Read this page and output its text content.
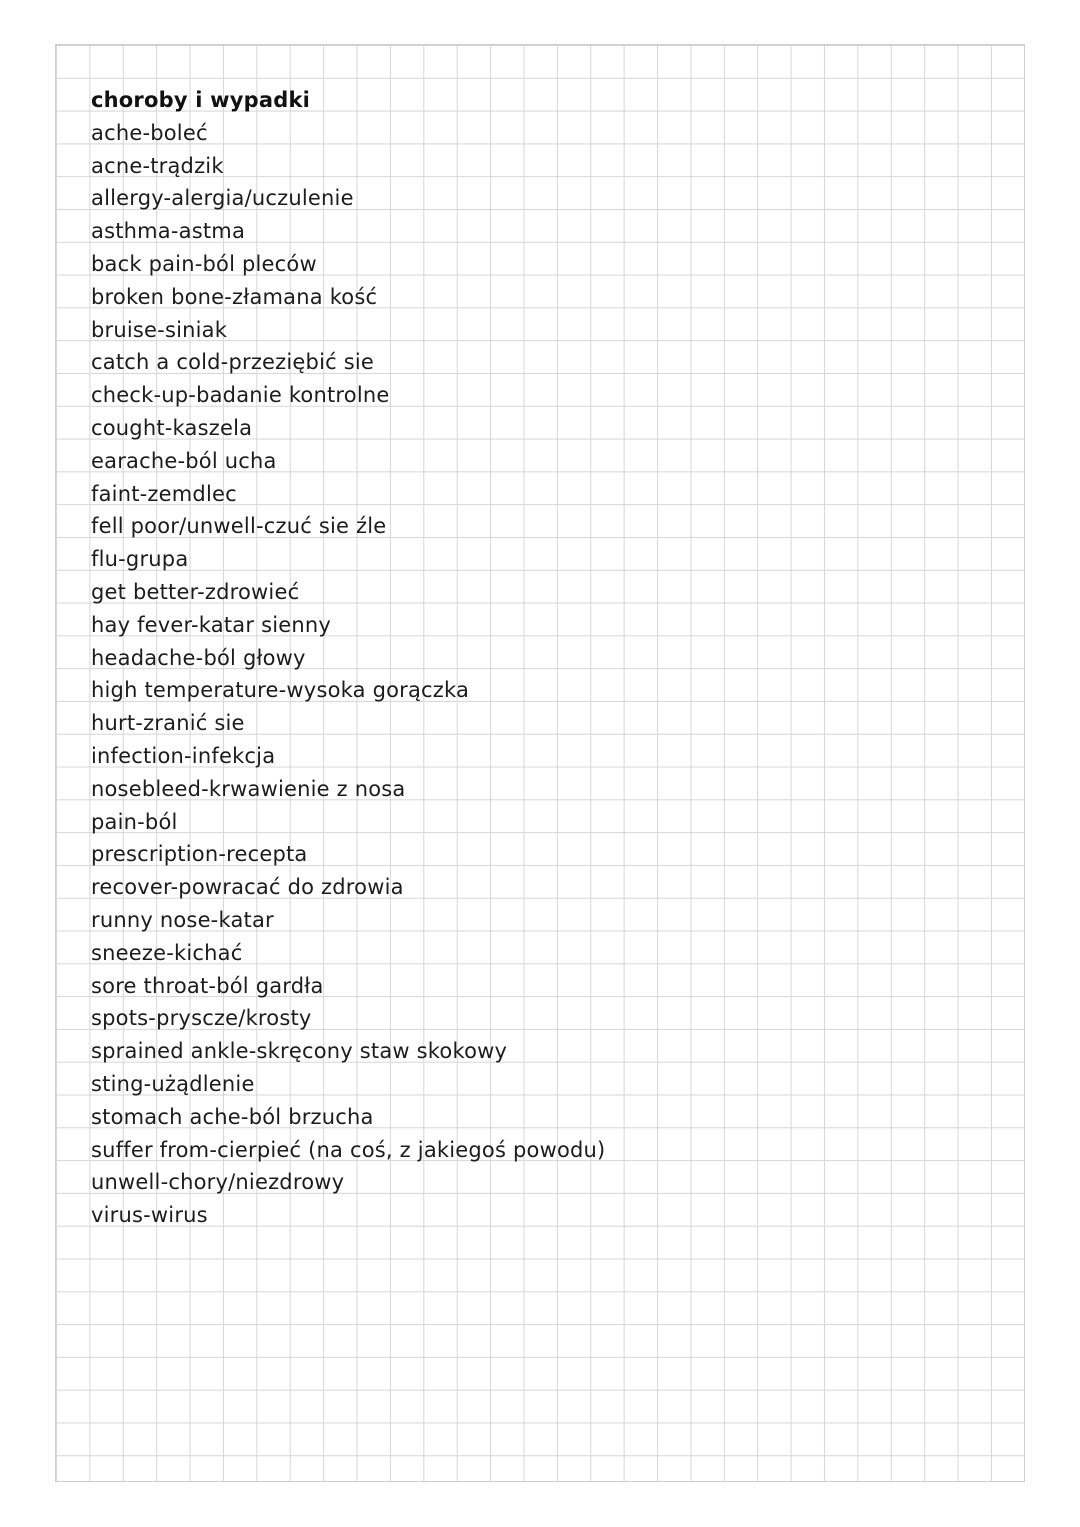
choroby i wypadki
ache-boleć
acne-trądzik
allergy-alergia/uczulenie
asthma-astma
back pain-ból pleców
broken bone-złamana kość
bruise-siniak
catch a cold-przeziębić sie
check-up-badanie kontrolne
cought-kaszela
earache-ból ucha
faint-zemdlec
fell poor/unwell-czuć sie źle
flu-grupa
get better-zdrowieć
hay fever-katar sienny
headache-ból głowy
high temperature-wysoka gorączka
hurt-zranić sie
infection-infekcja
nosebleed-krwawienie z nosa
pain-ból
prescription-recepta
recover-powracać do zdrowia
runny nose-katar
sneeze-kichać
sore throat-ból gardła
spots-pryscze/krosty
sprained ankle-skręcony staw skokowy
sting-użądlenie
stomach ache-ból brzucha
suffer from-cierpieć (na coś, z jakiegoś powodu)
unwell-chory/niezdrowy
virus-wirus
